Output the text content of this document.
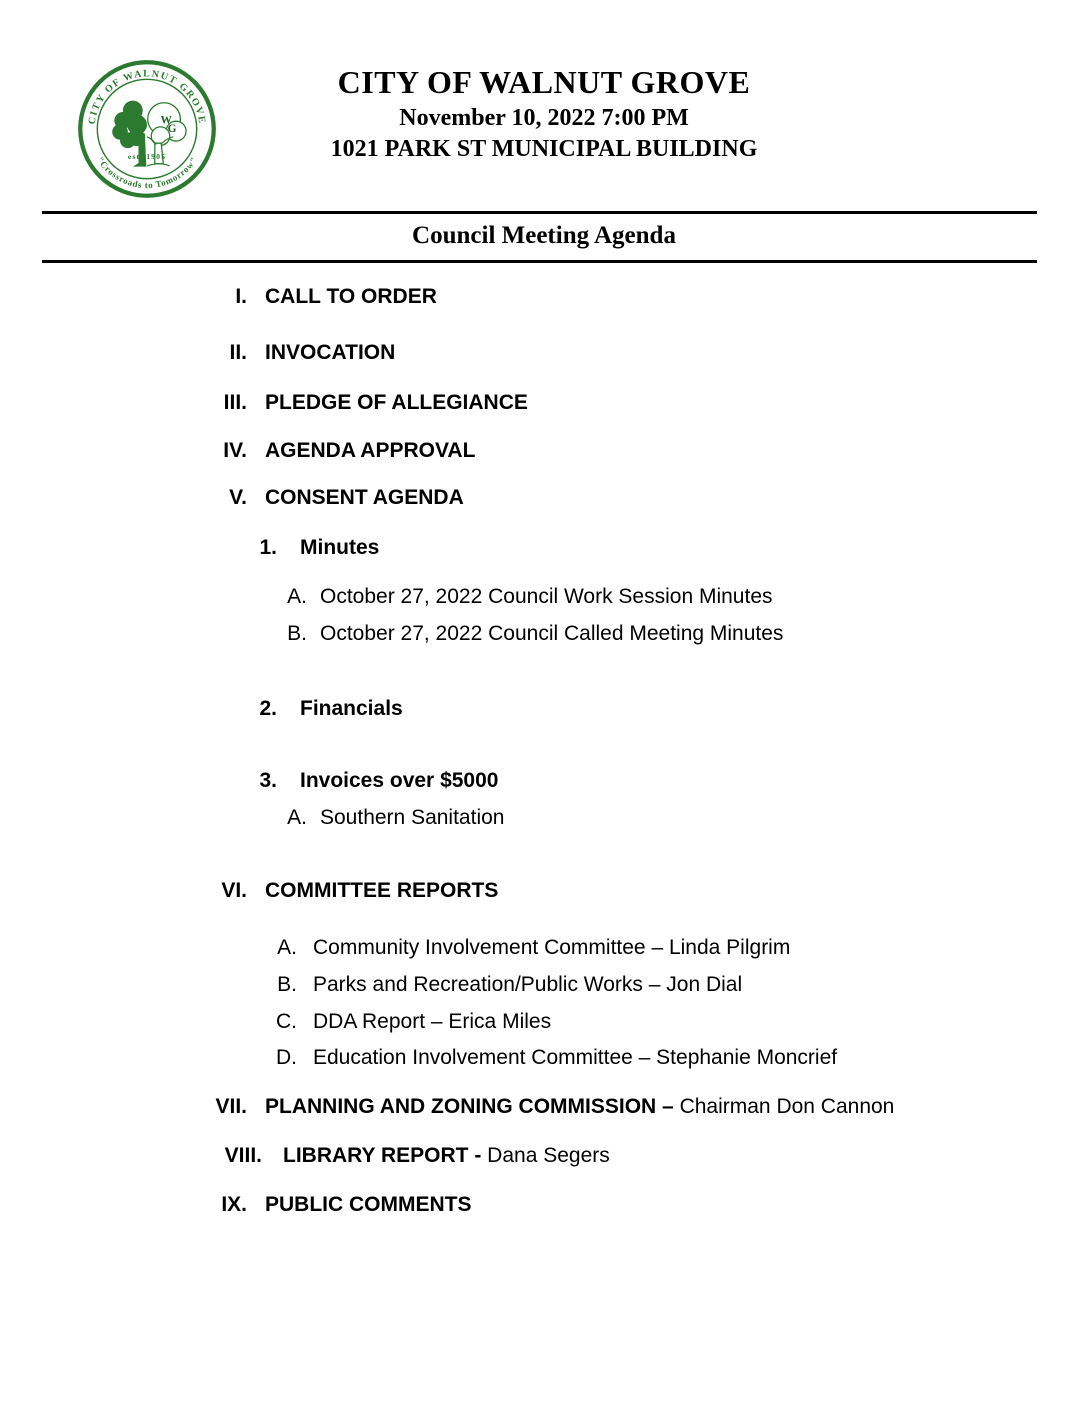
CITY OF WALNUT GROVE
"Crossroads to Tomorrow"
W
G
est. 1905
CITY OF WALNUT GROVE
November 10, 2022 7:00 PM
1021 PARK ST MUNICIPAL BUILDING
Council Meeting Agenda
I. CALL TO ORDER
II. INVOCATION
III. PLEDGE OF ALLEGIANCE
IV. AGENDA APPROVAL
V. CONSENT AGENDA
1. Minutes
A. October 27, 2022 Council Work Session Minutes
B. October 27, 2022 Council Called Meeting Minutes
2. Financials
3. Invoices over $5000
A. Southern Sanitation
VI. COMMITTEE REPORTS
A. Community Involvement Committee – Linda Pilgrim
B. Parks and Recreation/Public Works – Jon Dial
C. DDA Report – Erica Miles
D. Education Involvement Committee – Stephanie Moncrief
VII. PLANNING AND ZONING COMMISSION – Chairman Don Cannon
VIII. LIBRARY REPORT - Dana Segers
IX. PUBLIC COMMENTS
